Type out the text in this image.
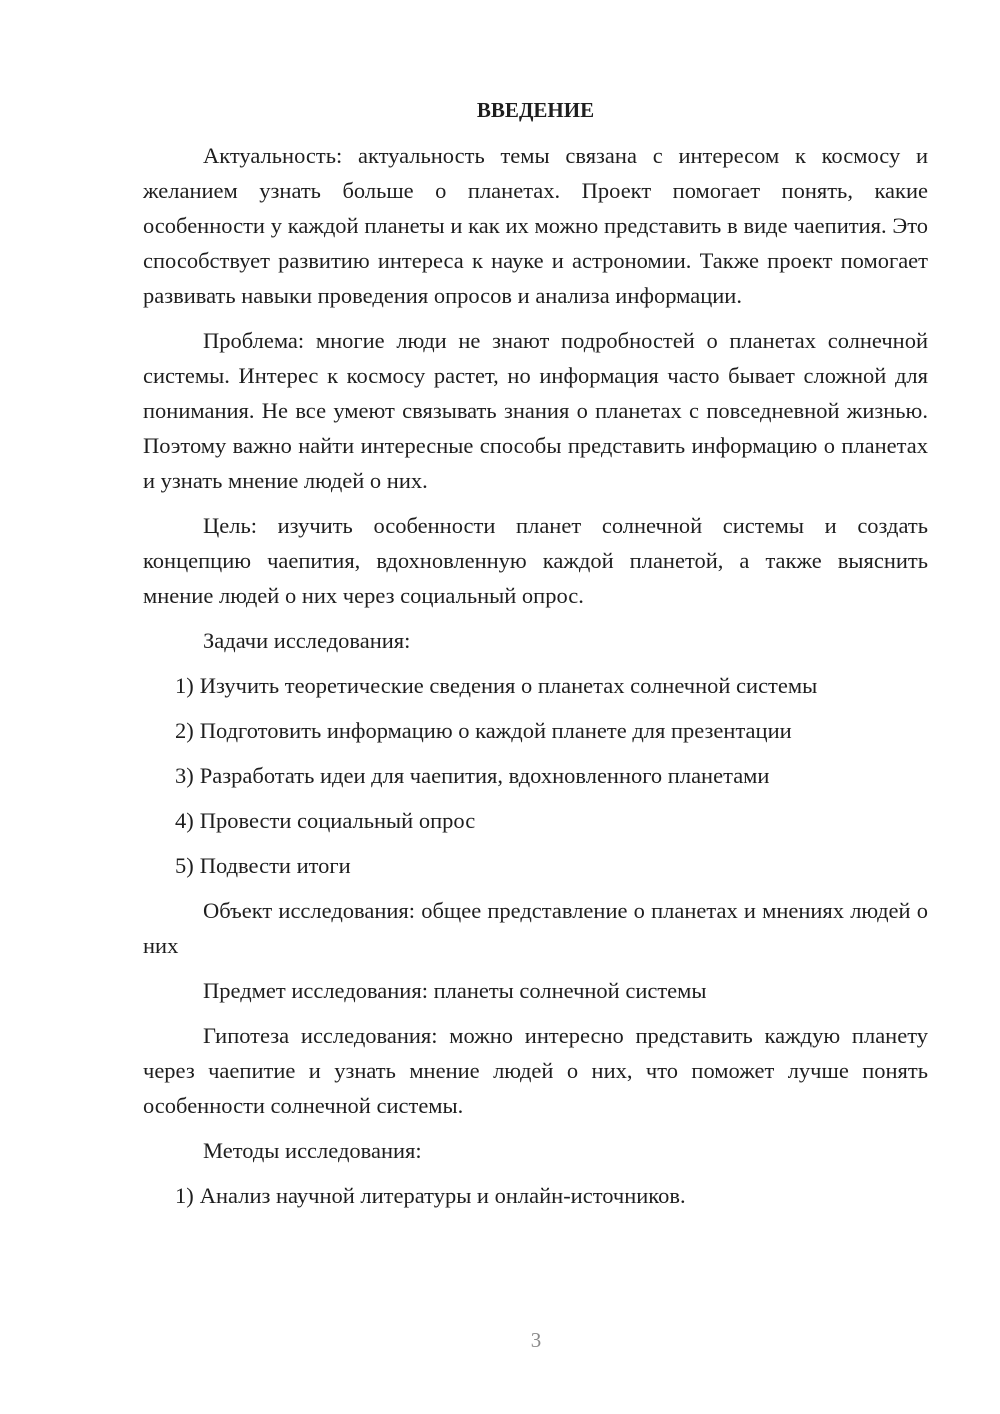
ВВЕДЕНИЕ

Актуальность: актуальность темы связана с интересом к космосу и желанием узнать больше о планетах. Проект помогает понять, какие особенности у каждой планеты и как их можно представить в виде чаепития. Это способствует развитию интереса к науке и астрономии. Также проект помогает развивать навыки проведения опросов и анализа информации.

Проблема: многие люди не знают подробностей о планетах солнечной системы. Интерес к космосу растет, но информация часто бывает сложной для понимания. Не все умеют связывать знания о планетах с повседневной жизнью. Поэтому важно найти интересные способы представить информацию о планетах и узнать мнение людей о них.

Цель: изучить особенности планет солнечной системы и создать концепцию чаепития, вдохновленную каждой планетой, а также выяснить мнение людей о них через социальный опрос.

Задачи исследования:

1) Изучить теоретические сведения о планетах солнечной системы

2) Подготовить информацию о каждой планете для презентации

3) Разработать идеи для чаепития, вдохновленного планетами

4) Провести социальный опрос

5) Подвести итоги

Объект исследования: общее представление о планетах и мнениях людей о них

Предмет исследования: планеты солнечной системы

Гипотеза исследования: можно интересно представить каждую планету через чаепитие и узнать мнение людей о них, что поможет лучше понять особенности солнечной системы.

Методы исследования:

1) Анализ научной литературы и онлайн-источников.

3
